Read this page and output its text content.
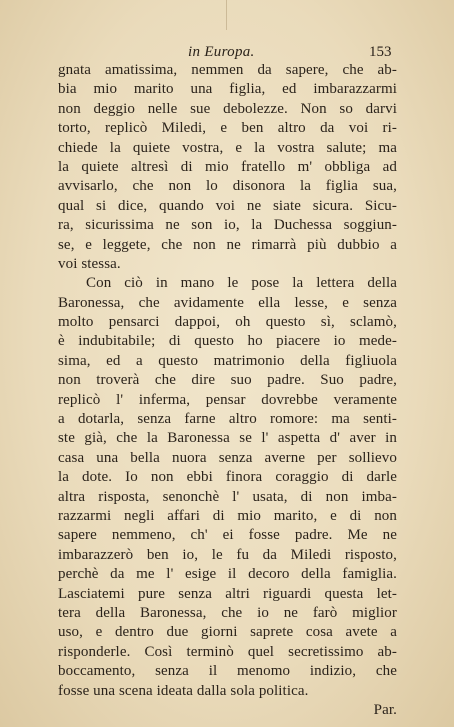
in Europa.	153
gnata amatissima, nemmen da sapere, che ab-
bia mio marito una figlia, ed imbarazzarmi
non deggio nelle sue debolezze. Non so darvi
torto, replicò Miledi, e ben altro da voi ri-
chiede la quiete vostra, e la vostra salute; ma
la quiete altresì di mio fratello m' obbliga ad
avvisarlo, che non lo disonora la figlia sua,
qual si dice, quando voi ne siate sicura. Sicu-
ra, sicurissima ne son io, la Duchessa soggiun-
se, e leggete, che non ne rimarrà più dubbio a
voi stessa.
Con ciò in mano le pose la lettera della
Baronessa, che avidamente ella lesse, e senza
molto pensarci dappoi, oh questo sì, sclamò,
è indubitabile; di questo ho piacere io mede-
sima, ed a questo matrimonio della figliuola
non troverà che dire suo padre. Suo padre,
replicò l' inferma, pensar dovrebbe veramente
a dotarla, senza farne altro romore: ma senti-
ste già, che la Baronessa se l' aspetta d' aver in
casa una bella nuora senza averne per sollievo
la dote. Io non ebbi finora coraggio di darle
altra risposta, senonchè l' usata, di non imba-
razzarmi negli affari di mio marito, e di non
sapere nemmeno, ch' ei fosse padre. Me ne
imbarazzerò ben io, le fu da Miledi risposto,
perchè da me l' esige il decoro della famiglia.
Lasciatemi pure senza altri riguardi questa let-
tera della Baronessa, che io ne farò miglior
uso, e dentro due giorni saprete cosa avete a
risponderle. Così terminò quel secretissimo ab-
boccamento, senza il menomo indizio, che
fosse una scena ideata dalla sola politica.
Par.
